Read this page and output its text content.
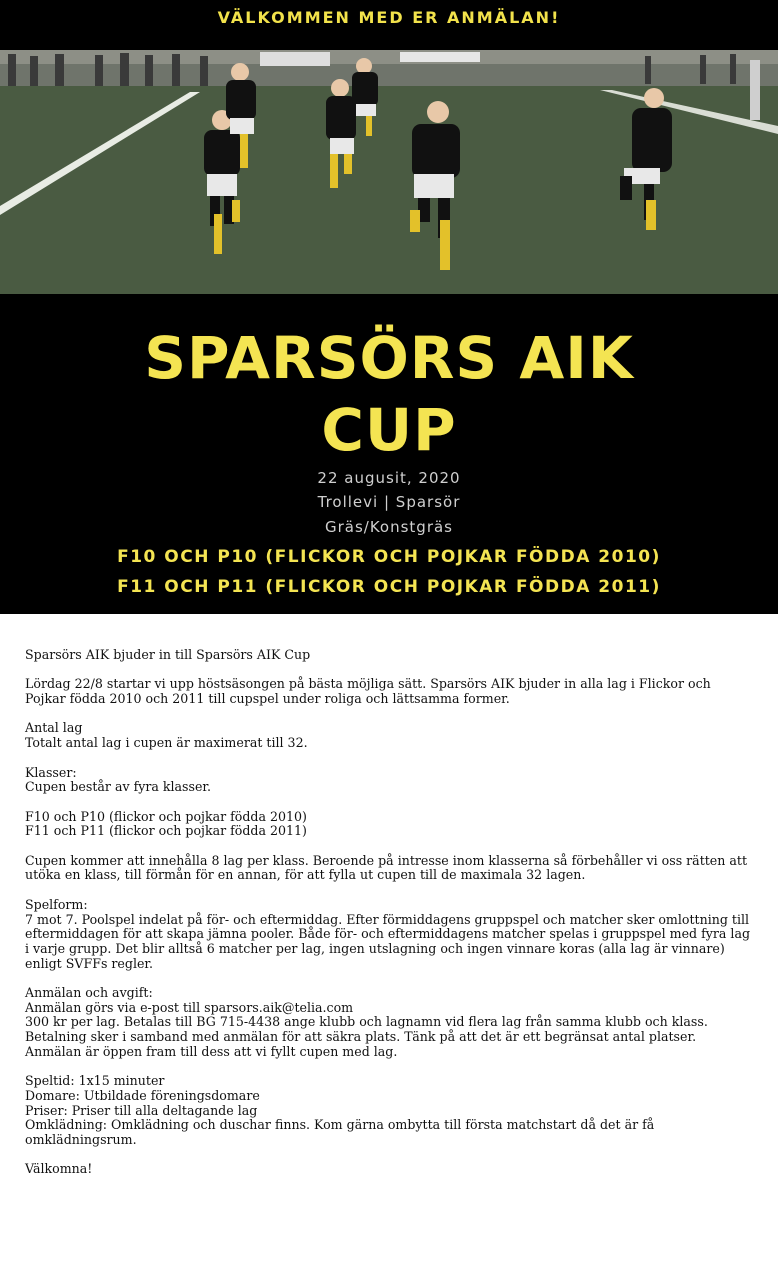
VÄLKOMMEN MED ER ANMÄLAN!
SPARSÖRS AIK
CUP
22 augusit, 2020
Trollevi | Sparsör
Gräs/Konstgräs
F10 OCH P10 (FLICKOR OCH POJKAR FÖDDA 2010)
F11 OCH P11 (FLICKOR OCH POJKAR FÖDDA 2011)

Sparsörs AIK bjuder in till Sparsörs AIK Cup

Lördag 22/8 startar vi upp höstsäsongen på bästa möjliga sätt. Sparsörs AIK bjuder in alla lag i Flickor och Pojkar födda 2010 och 2011 till cupspel under roliga och lättsamma former.

Antal lag
Totalt antal lag i cupen är maximerat till 32.

Klasser:
Cupen består av fyra klasser.

F10 och P10 (flickor och pojkar födda 2010)
F11 och P11 (flickor och pojkar födda 2011)

Cupen kommer att innehålla 8 lag per klass. Beroende på intresse inom klasserna så förbehåller vi oss rätten att utöka en klass, till förmån för en annan, för att fylla ut cupen till de maximala 32 lagen.

Spelform:
7 mot 7. Poolspel indelat på för- och eftermiddag. Efter förmiddagens gruppspel och matcher sker omlottning till eftermiddagen för att skapa jämna pooler. Både för- och eftermiddagens matcher spelas i gruppspel med fyra lag i varje grupp. Det blir alltså 6 matcher per lag, ingen utslagning och ingen vinnare koras (alla lag är vinnare) enligt SVFFs regler.

Anmälan och avgift:
Anmälan görs via e-post till sparsors.aik@telia.com
300 kr per lag. Betalas till BG 715-4438 ange klubb och lagnamn vid flera lag från samma klubb och klass.
Betalning sker i samband med anmälan för att säkra plats. Tänk på att det är ett begränsat antal platser.
Anmälan är öppen fram till dess att vi fyllt cupen med lag.

Speltid: 1x15 minuter
Domare: Utbildade föreningsdomare
Priser: Priser till alla deltagande lag
Omklädning: Omklädning och duschar finns. Kom gärna ombytta till första matchstart då det är få omklädningsrum.

Välkomna!
